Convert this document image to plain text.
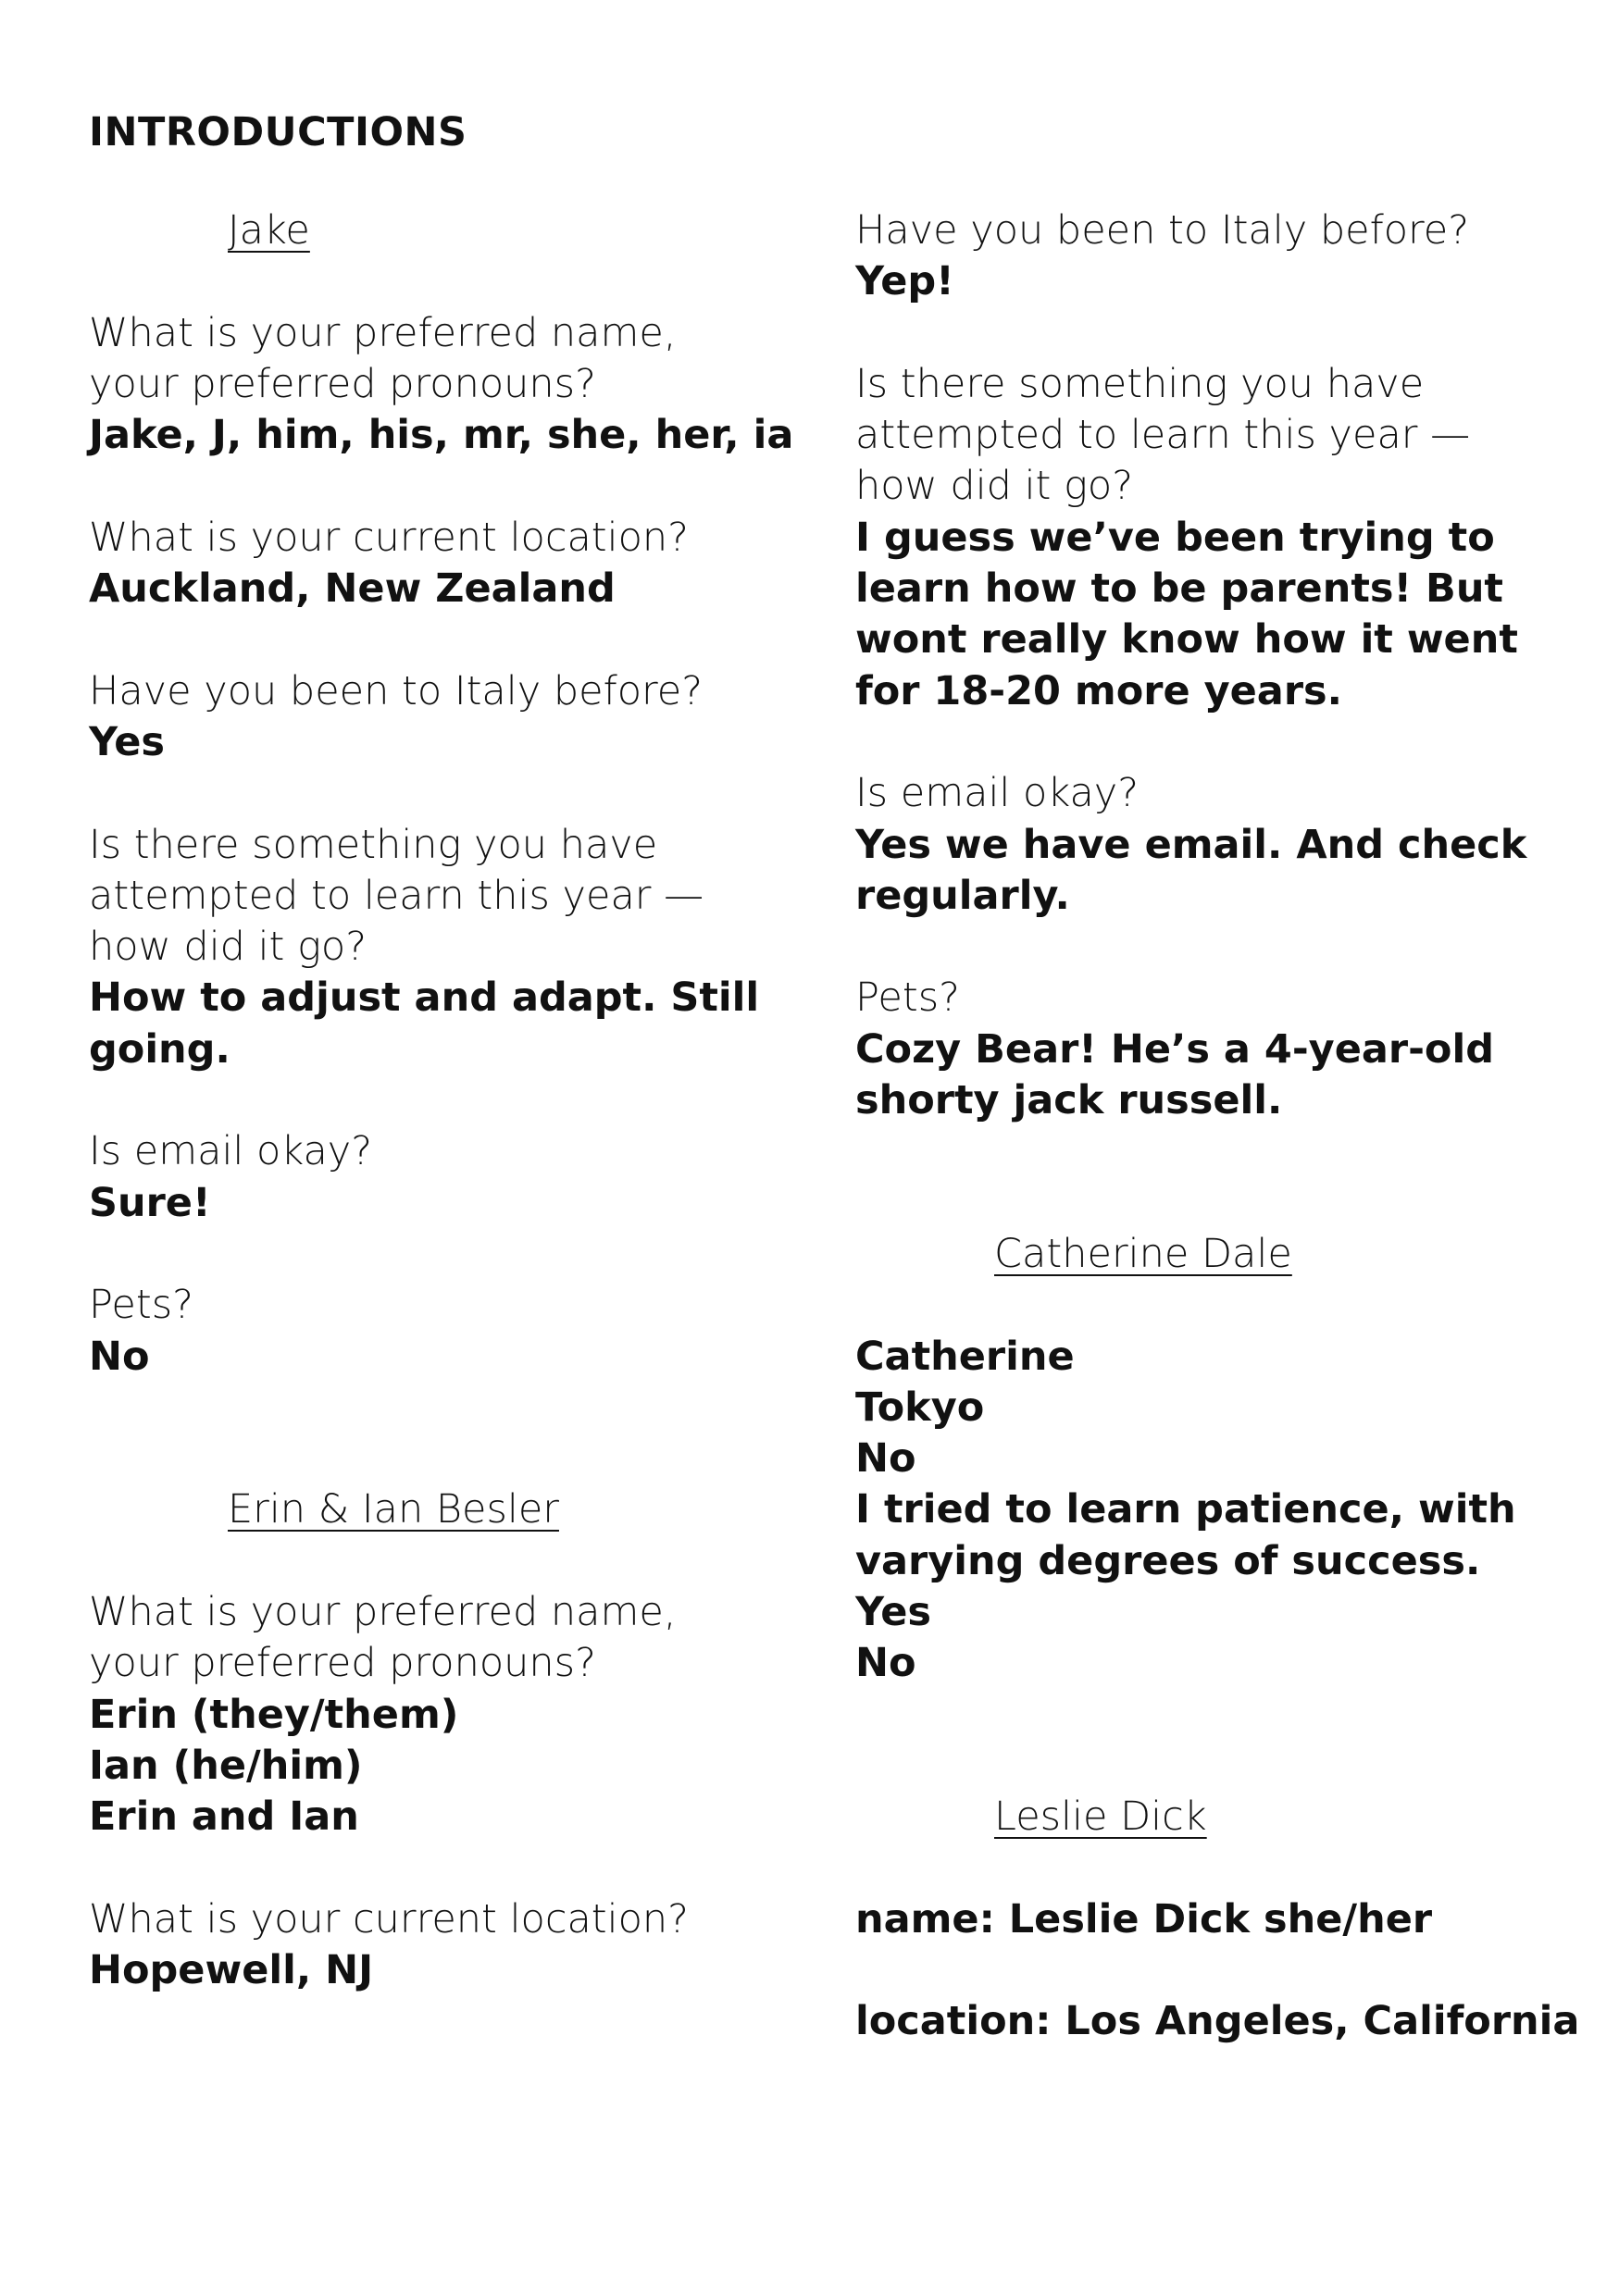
INTRODUCTIONS
Jake
What is your preferred name,
your preferred pronouns?
Jake, J, him, his, mr, she, her, ia
What is your current location?
Auckland, New Zealand
Have you been to Italy before?
Yes
Is there something you have
attempted to learn this year —
how did it go?
How to adjust and adapt. Still
going.
Is email okay?
Sure!
Pets?
No
Erin & Ian Besler
What is your preferred name,
your preferred pronouns?
Erin (they/them)
Ian (he/him)
Erin and Ian
What is your current location?
Hopewell, NJ
Have you been to Italy before?
Yep!
Is there something you have
attempted to learn this year —
how did it go?
I guess we’ve been trying to
learn how to be parents! But
wont really know how it went
for 18-20 more years.
Is email okay?
Yes we have email. And check
regularly.
Pets?
Cozy Bear! He’s a 4-year-old
shorty jack russell.
Catherine Dale
Catherine
Tokyo
No
I tried to learn patience, with
varying degrees of success.
Yes
No
Leslie Dick
name: Leslie Dick she/her
location: Los Angeles, California
